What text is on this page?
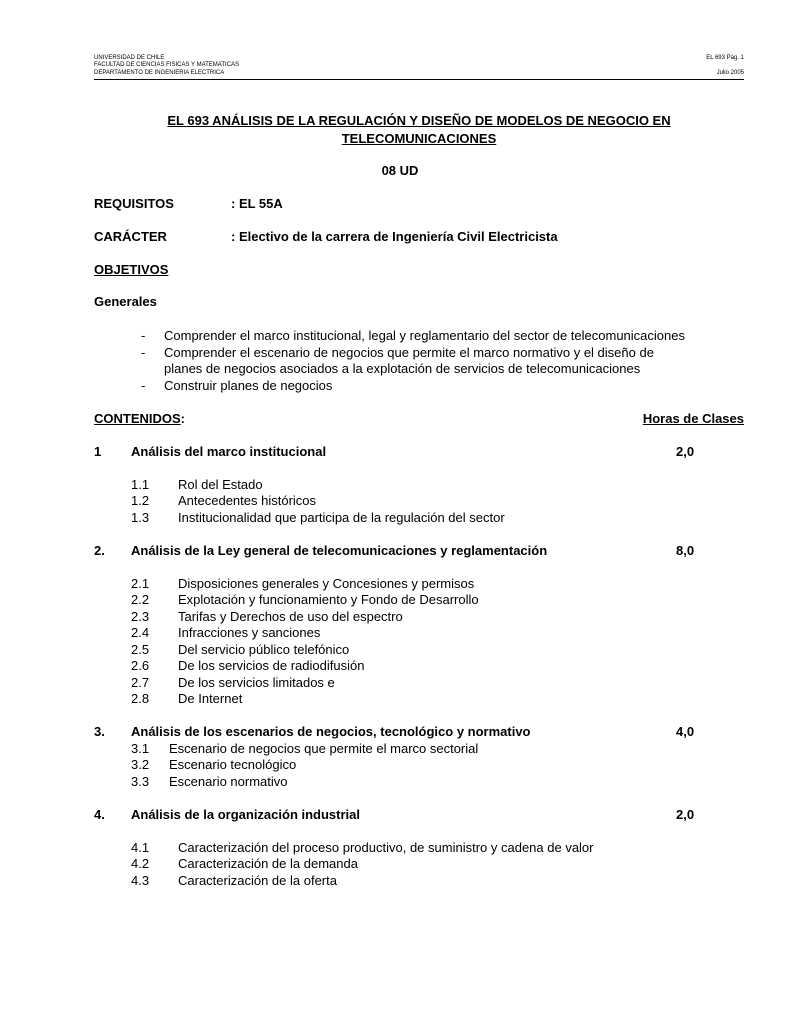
UNIVERSIDAD DE CHILE
FACULTAD DE CIENCIAS FISICAS Y MATEMATICAS
DEPARTAMENTO DE INGENIERIA ELECTRICA
EL 693 Pág. 1
Julio 2005
EL 693 ANÁLISIS DE LA REGULACIÓN Y DISEÑO DE MODELOS DE NEGOCIO EN
TELECOMUNICACIONES
08 UD
REQUISITOS	: EL 55A
CARÁCTER	: Electivo de la carrera de Ingeniería Civil Electricista
OBJETIVOS
Generales
- Comprender el marco institucional, legal y reglamentario del sector de telecomunicaciones
- Comprender el escenario de negocios que permite el marco normativo y el diseño de
planes de negocios asociados a la explotación de servicios de telecomunicaciones
- Construir planes de negocios
CONTENIDOS:	Horas de Clases
1 Análisis del marco institucional	2,0
1.1 Rol del Estado
1.2 Antecedentes históricos
1.3 Institucionalidad que participa de la regulación del sector
2. Análisis de la Ley general de telecomunicaciones y reglamentación	8,0
2.1 Disposiciones generales y Concesiones y permisos
2.2 Explotación y funcionamiento y Fondo de Desarrollo
2.3 Tarifas y Derechos de uso del espectro
2.4 Infracciones y sanciones
2.5 Del servicio público telefónico
2.6 De los servicios de radiodifusión
2.7 De los servicios limitados e
2.8 De Internet
3. Análisis de los escenarios de negocios, tecnológico y normativo	4,0
3.1 Escenario de negocios que permite el marco sectorial
3.2 Escenario tecnológico
3.3 Escenario normativo
4. Análisis de la organización industrial	2,0
4.1 Caracterización del proceso productivo, de suministro y cadena de valor
4.2 Caracterización de la demanda
4.3 Caracterización de la oferta
